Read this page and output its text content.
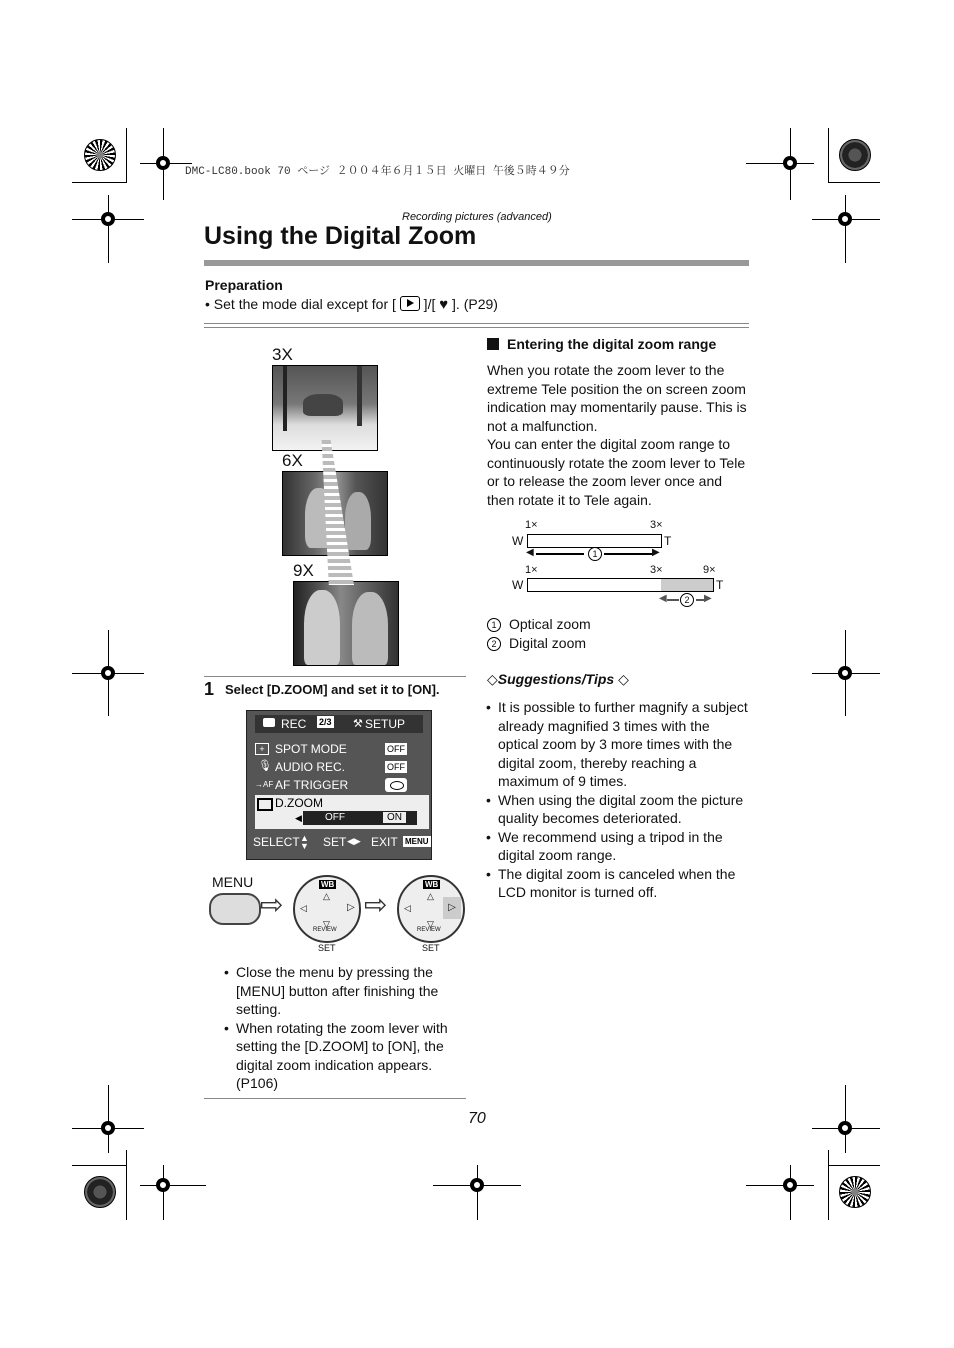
DMC-LC80.book 70 ページ ２００４年６月１５日 火曜日 午後５時４９分
Recording pictures (advanced)
Using the Digital Zoom
Preparation
• Set the mode dial except for [
]/[ ♥ ]. (P29)
3X
6X
9X
1 Select [D.ZOOM] and set it to [ON].
REC 2/3 ⚒ SETUP
+ SPOT MODE	OFF
🎙 AUDIO REC.	OFF
→AF AF TRIGGER
D.ZOOM
◀ OFF	ON
SELECT ▲
▼ SET ◀▶ EXIT MENU
MENU
⇨
WB
△
◁	▷
▽
REVIEW
SET
⇨
WB
△
◁	▷
▽
REVIEW
SET
• Close the menu by pressing the [MENU] button after finishing the setting.
• When rotating the zoom lever with setting the [D.ZOOM] to [ON], the digital zoom indication appears. (P106)
Entering the digital zoom range
When you rotate the zoom lever to the extreme Tele position the on screen zoom indication may momentarily pause. This is not a malfunction.
You can enter the digital zoom range to continuously rotate the zoom lever to Tele or to release the zoom lever once and then rotate it to Tele again.
1×	3×
W	T
◀	1	▶
1×	3×	9×
W	T
◀	2	▶
1 Optical zoom
2 Digital zoom
◇Suggestions/Tips ◇
• It is possible to further magnify a subject already magnified 3 times with the optical zoom by 3 more times with the digital zoom, thereby reaching a maximum of 9 times.
• When using the digital zoom the picture quality becomes deteriorated.
• We recommend using a tripod in the digital zoom range.
• The digital zoom is canceled when the LCD monitor is turned off.
70
